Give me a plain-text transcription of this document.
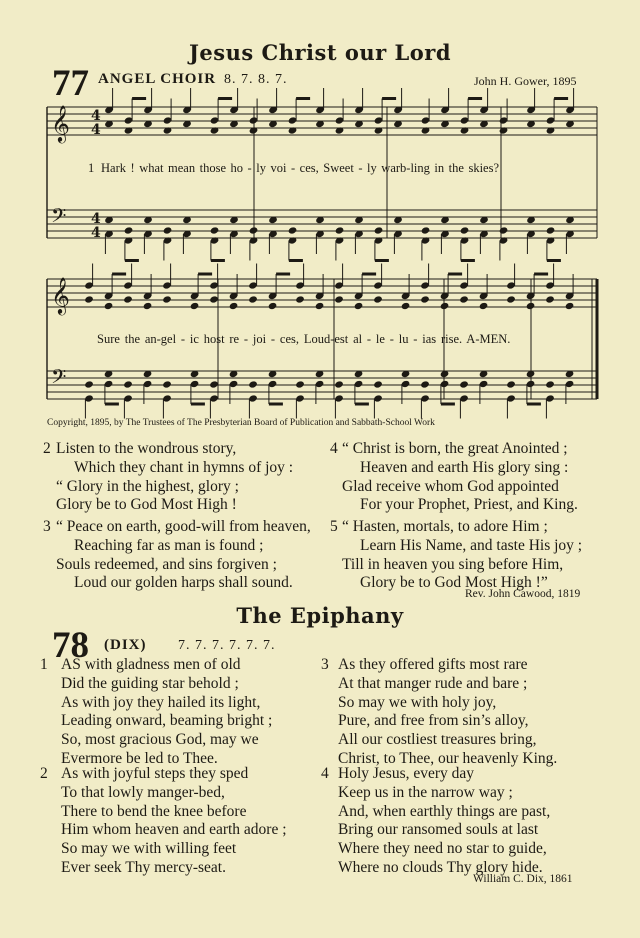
Jesus Christ our Lord
77 ANGEL CHOIR 8. 7. 8. 7.	John H. Gower, 1895
𝄞 4
4
𝄢 4
4
𝄞
𝄢
1 Hark ! what mean those ho - ly voi - ces, Sweet - ly warb-ling in the skies?
Sure the an-gel - ic host re - joi - ces, Loud-est al - le - lu - ias rise. A-MEN.
Copyright, 1895, by The Trustees of The Presbyterian Board of Publication and Sabbath-School Work
2 Listen to the wondrous story,
Which they chant in hymns of joy :
“ Glory in the highest, glory ;
Glory be to God Most High !
3 “ Peace on earth, good-will from heaven,
Reaching far as man is found ;
Souls redeemed, and sins forgiven ;
Loud our golden harps shall sound.
4 “ Christ is born, the great Anointed ;
Heaven and earth His glory sing :
Glad receive whom God appointed
For your Prophet, Priest, and King.
5 “ Hasten, mortals, to adore Him ;
Learn His Name, and taste His joy ;
Till in heaven you sing before Him,
Glory be to God Most High !”
Rev. John Cawood, 1819
The Epiphany
78 (DIX) 7. 7. 7. 7. 7. 7.
1 AS with gladness men of old
Did the guiding star behold ;
As with joy they hailed its light,
Leading onward, beaming bright ;
So, most gracious God, may we
Evermore be led to Thee.
2 As with joyful steps they sped
To that lowly manger-bed,
There to bend the knee before
Him whom heaven and earth adore ;
So may we with willing feet
Ever seek Thy mercy-seat.
3 As they offered gifts most rare
At that manger rude and bare ;
So may we with holy joy,
Pure, and free from sin’s alloy,
All our costliest treasures bring,
Christ, to Thee, our heavenly King.
4 Holy Jesus, every day
Keep us in the narrow way ;
And, when earthly things are past,
Bring our ransomed souls at last
Where they need no star to guide,
Where no clouds Thy glory hide.
William C. Dix, 1861
